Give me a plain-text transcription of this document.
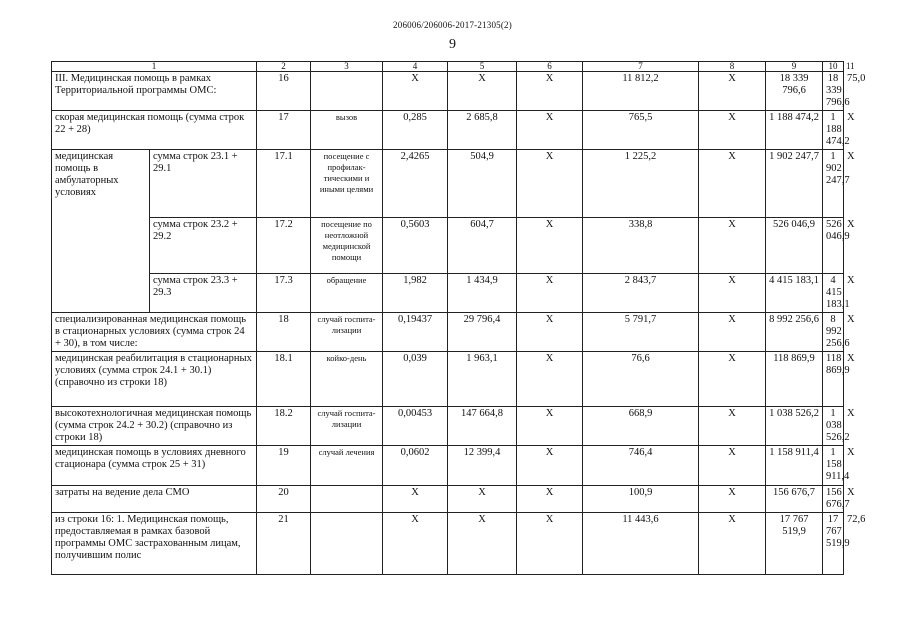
206006/206006-2017-21305(2)
9
1		2	3	4	5	6	7	8	9	10	11
III. Медицинская помощь в рамках Территориальной программы ОМС:		16		X	X	X	11 812,2	X	18 339 796,6	18 339 796,6	75,0
скорая медицинская помощь (сумма строк 22 + 28)		17	вызов	0,285	2 685,8	X	765,5	X	1 188 474,2	1 188 474,2	X
медицинская помощь в амбулаторных условиях	сумма строк 23.1 + 29.1	17.1	посещение с профилак-тическими и иными целями	2,4265	504,9	X	1 225,2	X	1 902 247,7	1 902 247,7	X
	сумма строк 23.2 + 29.2	17.2	посещение по неотложной медицинской помощи	0,5603	604,7	X	338,8	X	526 046,9	526 046,9	X
	сумма строк 23.3 + 29.3	17.3	обращение	1,982	1 434,9	X	2 843,7	X	4 415 183,1	4 415 183,1	X
специализированная медицинская помощь в стационарных условиях (сумма строк 24 + 30), в том числе:		18	случай госпита-лизации	0,19437	29 796,4	X	5 791,7	X	8 992 256,6	8 992 256,6	X
медицинская реабилитация в стационарных условиях (сумма строк 24.1 + 30.1) (справочно из строки 18)		18.1	койко-день	0,039	1 963,1	X	76,6	X	118 869,9	118 869,9	X
высокотехнологичная медицинская помощь (сумма строк 24.2 + 30.2) (справочно из строки 18)		18.2	случай госпита-лизации	0,00453	147 664,8	X	668,9	X	1 038 526,2	1 038 526,2	X
медицинская помощь в условиях дневного стационара (сумма строк 25 + 31)		19	случай лечения	0,0602	12 399,4	X	746,4	X	1 158 911,4	1 158 911,4	X
затраты на ведение дела СМО		20		X	X	X	100,9	X	156 676,7	156 676,7	X
из строки 16: 1. Медицинская помощь, предоставляемая в рамках базовой программы ОМС застрахованным лицам, получившим полис		21		X	X	X	11 443,6	X	17 767 519,9	17 767 519,9	72,6
